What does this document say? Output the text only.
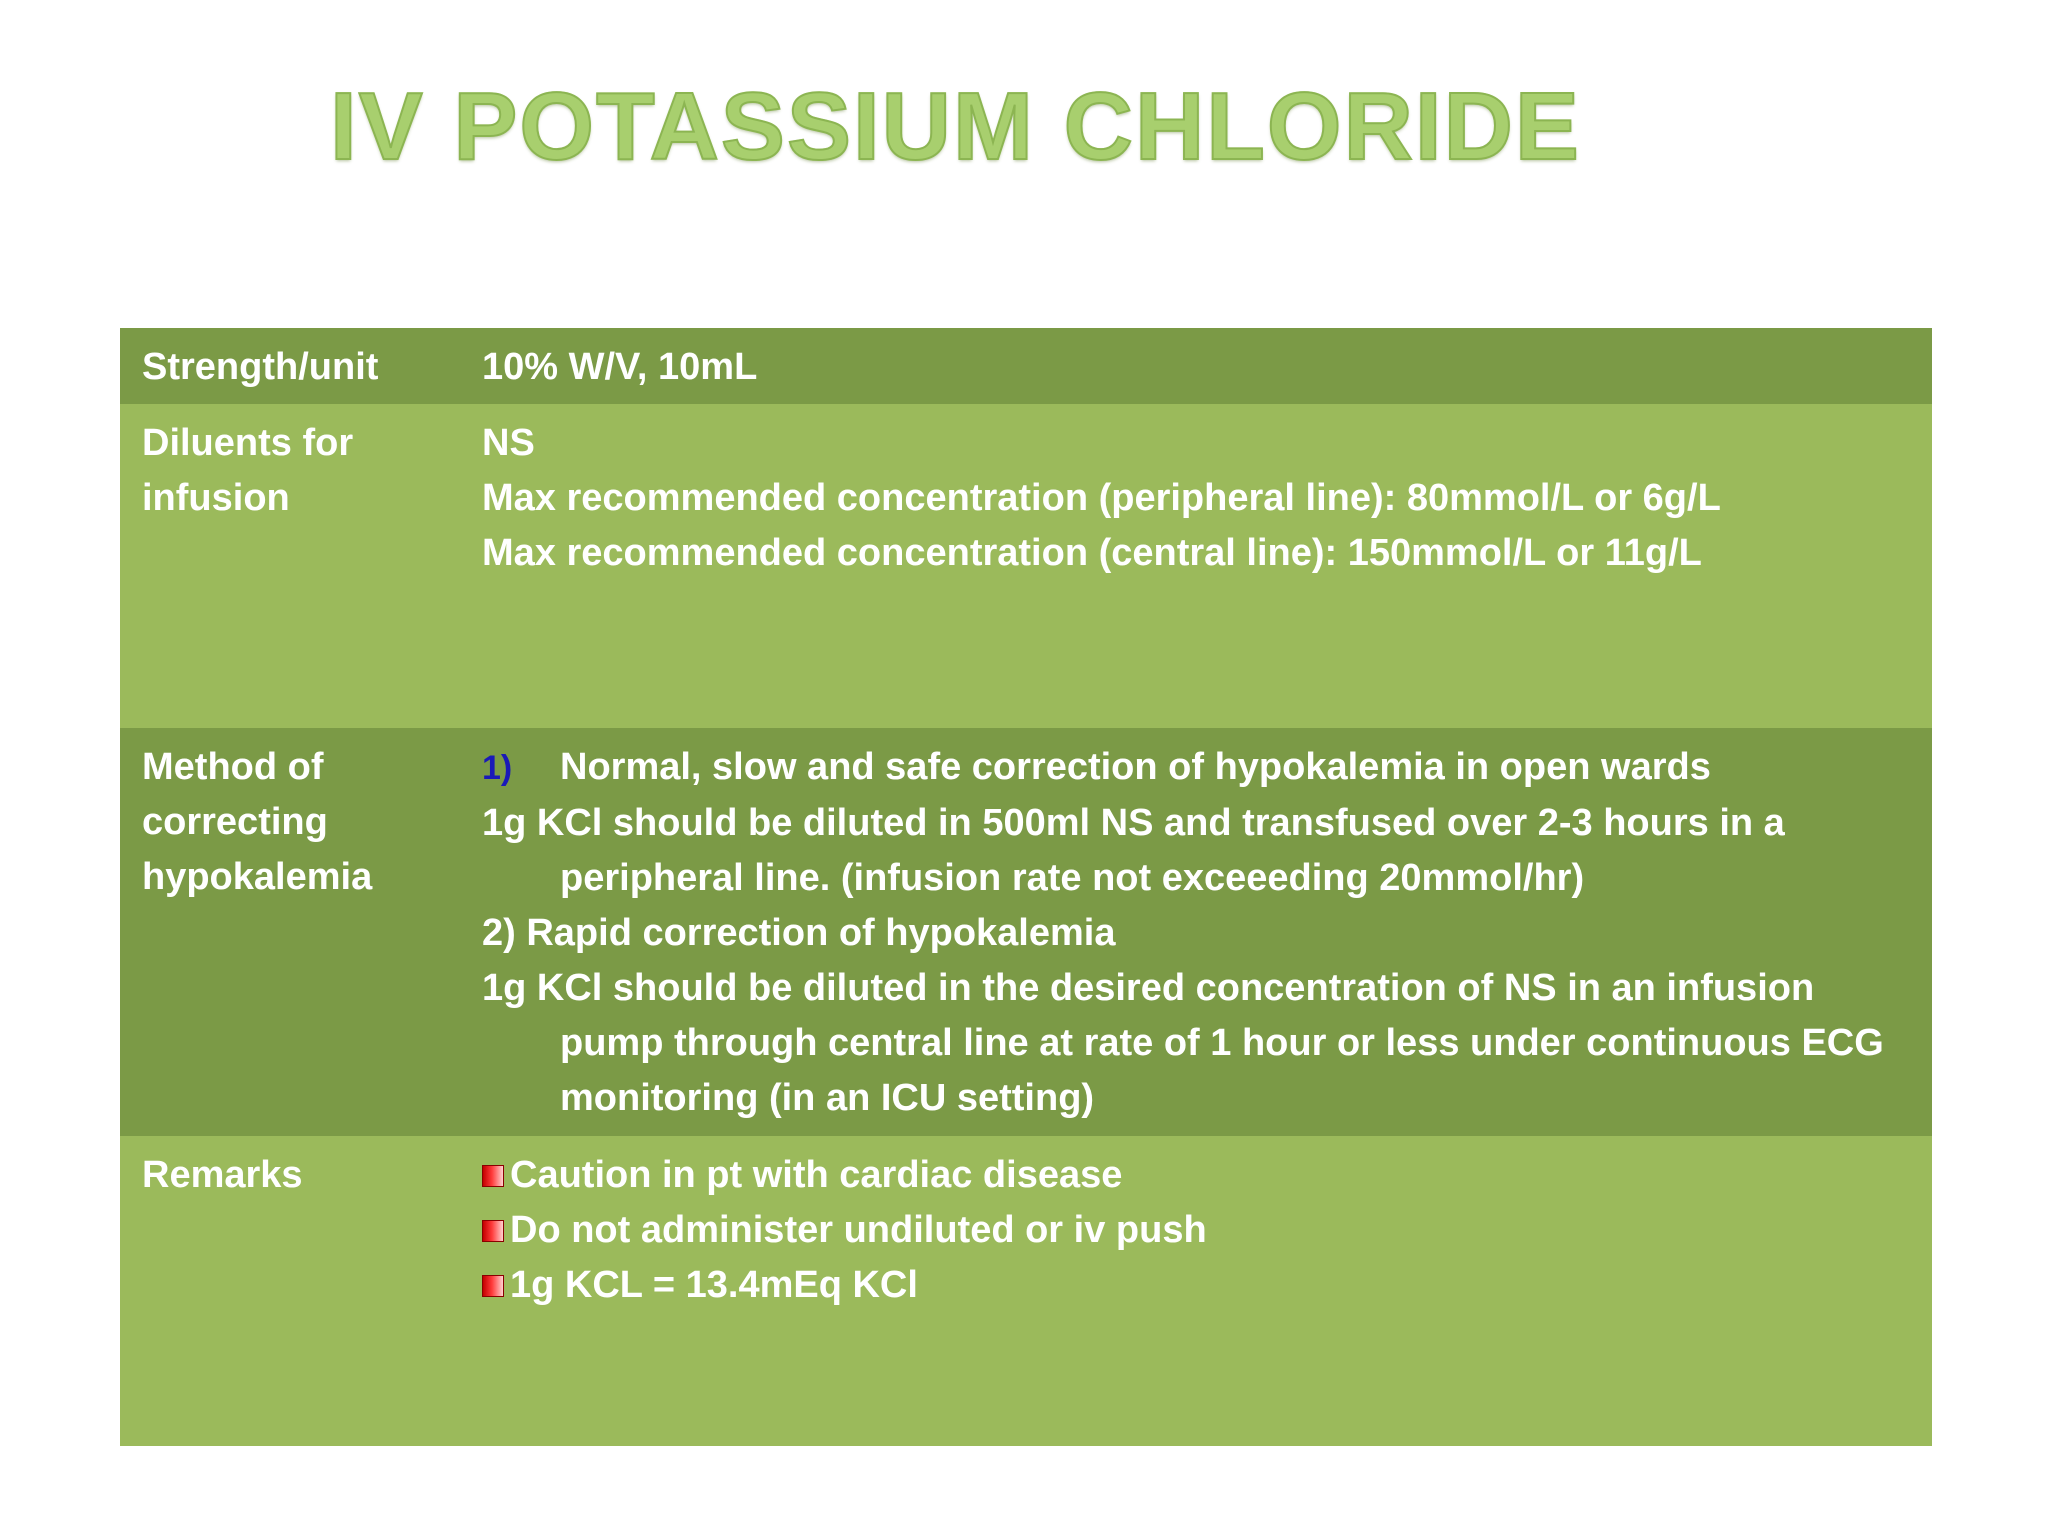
IV POTASSIUM CHLORIDE
Strength/unit	10% W/V, 10mL
Diluents for
infusion
NS
Max recommended concentration (peripheral line): 80mmol/L or 6g/L
Max recommended concentration (central line): 150mmol/L or 11g/L
Method of
correcting
hypokalemia
1) Normal, slow and safe correction of hypokalemia in open wards
1g KCl should be diluted in 500ml NS and transfused over 2-3 hours in a peripheral line. (infusion rate not exceeeding 20mmol/hr)
2) Rapid correction of hypokalemia
1g KCl should be diluted in the desired concentration of NS in an infusion pump through central line at rate of 1 hour or less under continuous ECG monitoring (in an ICU setting)
Remarks	Caution in pt with cardiac disease
Do not administer undiluted or iv push
1g KCL = 13.4mEq KCl
